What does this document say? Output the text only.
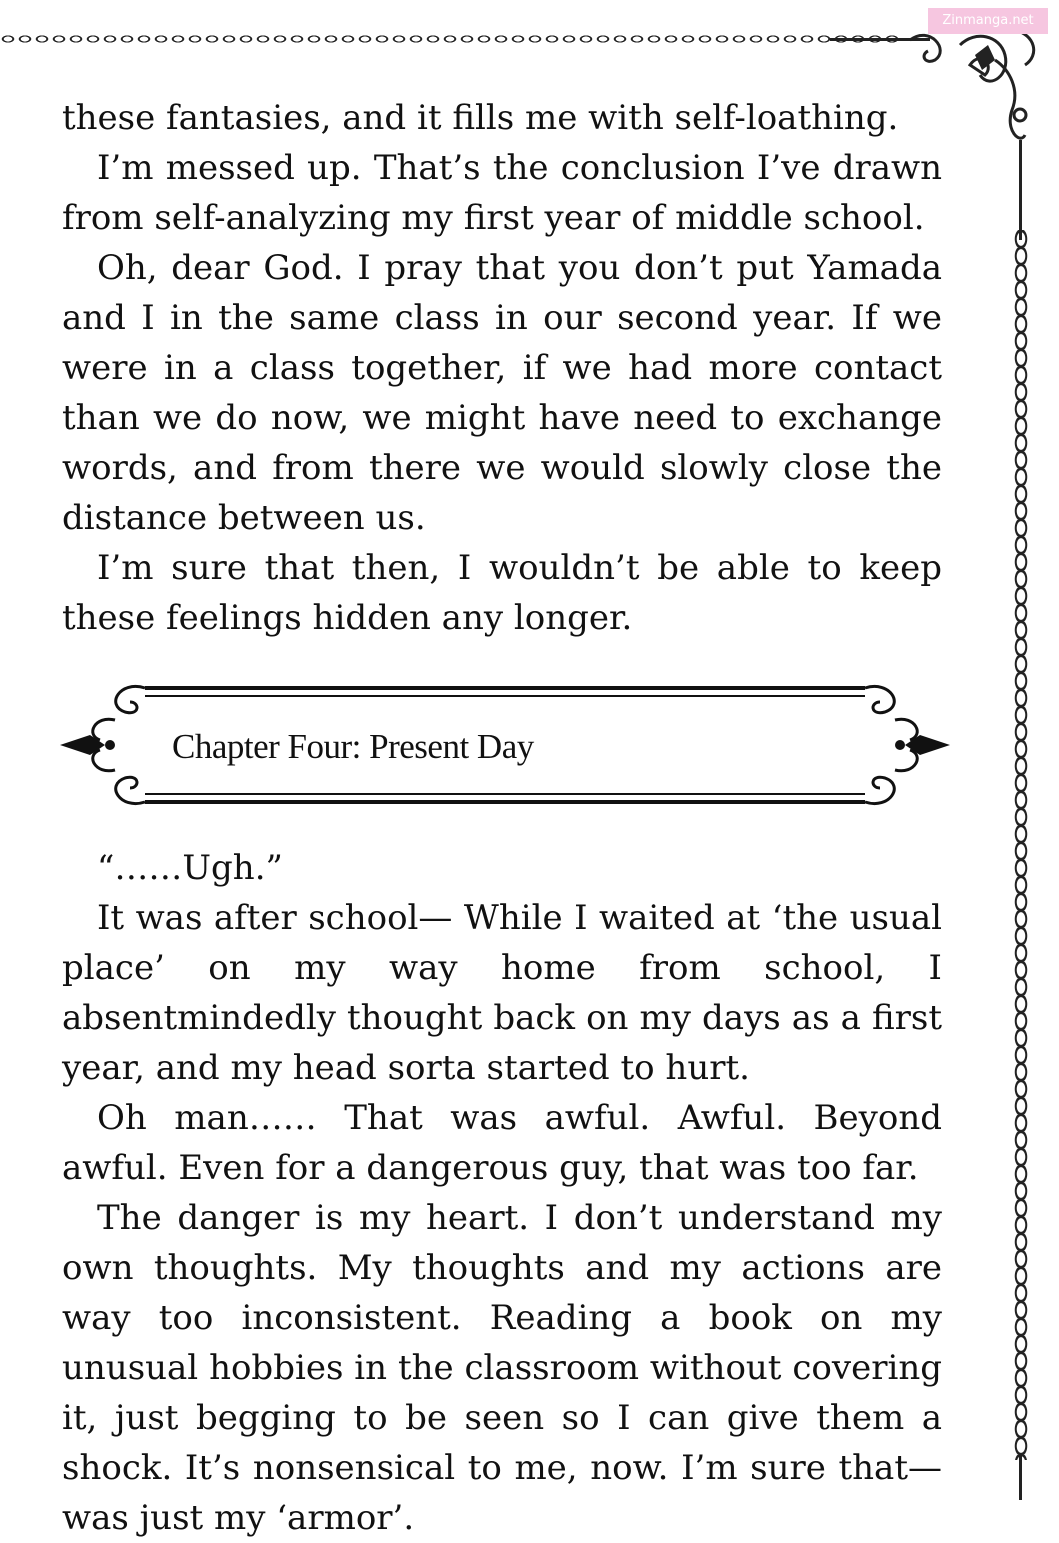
Zinmanga.net

these fantasies, and it fills me with self-loathing.

I’m messed up. That’s the conclusion I’ve drawn from self-analyzing my first year of middle school.

Oh, dear God. I pray that you don’t put Yamada and I in the same class in our second year. If we were in a class together, if we had more contact than we do now, we might have need to exchange words, and from there we would slowly close the distance between us.

I’m sure that then, I wouldn’t be able to keep these feelings hidden any longer.

Chapter Four: Present Day

“……Ugh.”

It was after school— While I waited at ‘the usual place’ on my way home from school, I absentmindedly thought back on my days as a first year, and my head sorta started to hurt.

Oh man…… That was awful. Awful. Beyond awful. Even for a dangerous guy, that was too far.

The danger is my heart. I don’t understand my own thoughts. My thoughts and my actions are way too inconsistent. Reading a book on my unusual hobbies in the classroom without covering it, just begging to be seen so I can give them a shock. It’s nonsensical to me, now. I’m sure that— was just my ‘armor’.
